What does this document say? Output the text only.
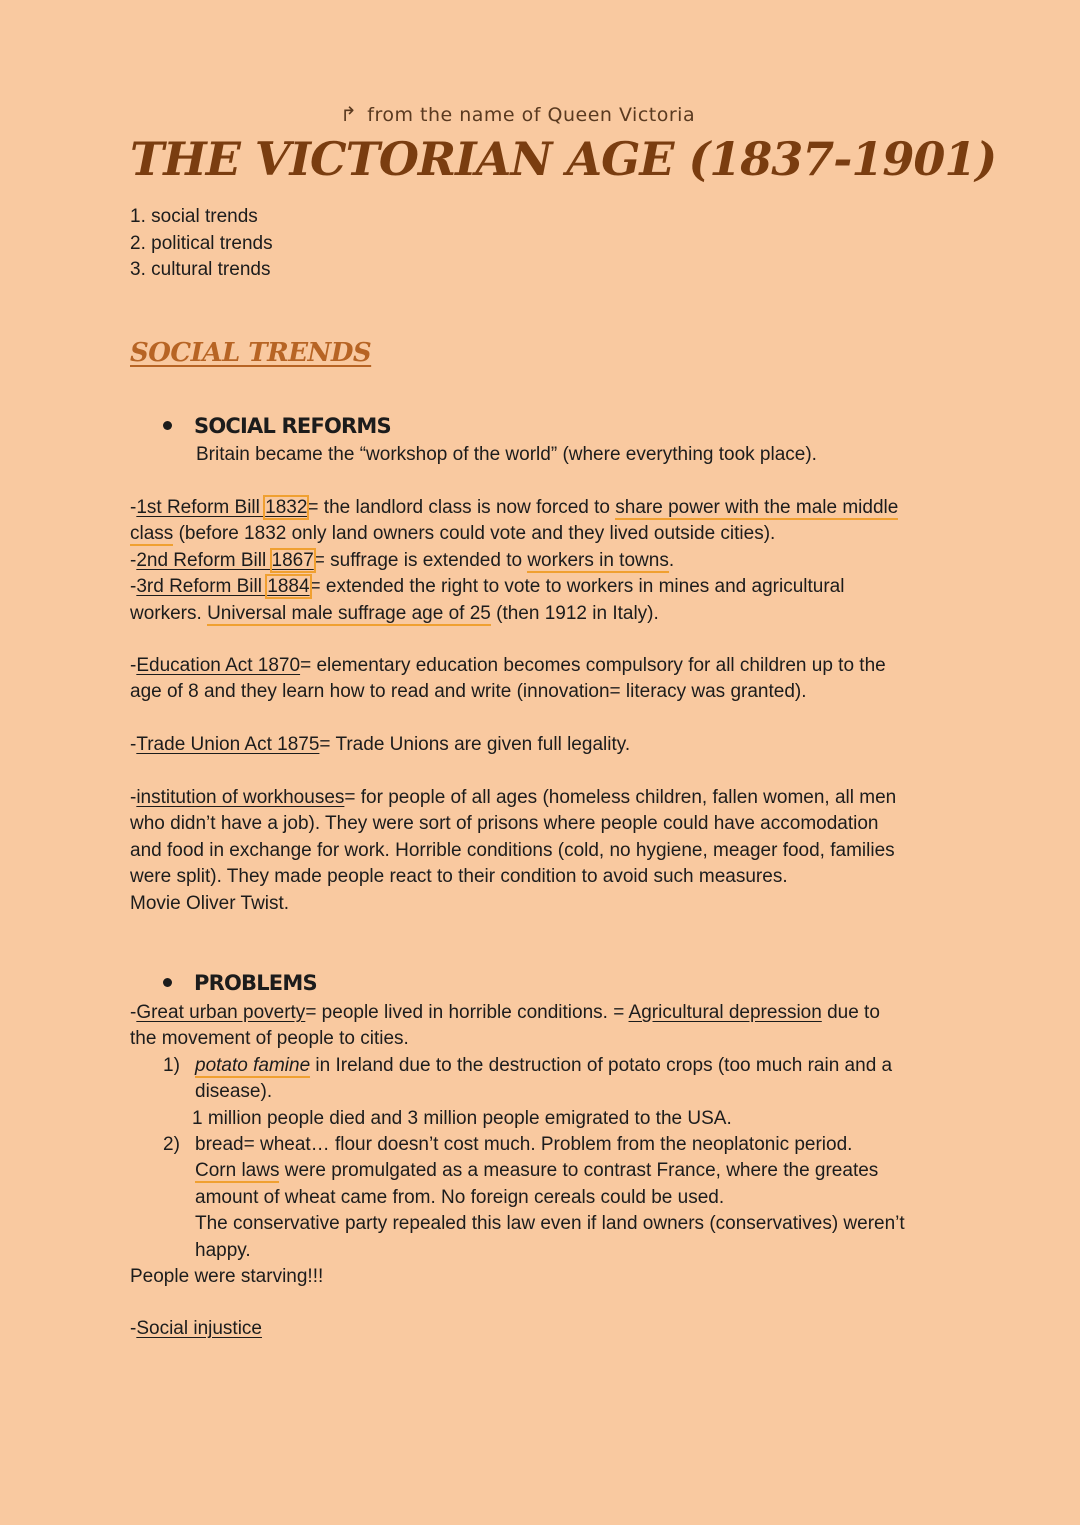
↱ from the name of Queen Victoria
THE VICTORIAN AGE (1837-1901)
1. social trends
2. political trends
3. cultural trends
SOCIAL TRENDS
SOCIAL REFORMS
Britain became the “workshop of the world” (where everything took place).
-1st Reform Bill 1832= the landlord class is now forced to share power with the male middle
class (before 1832 only land owners could vote and they lived outside cities).
-2nd Reform Bill 1867= suffrage is extended to workers in towns.
-3rd Reform Bill 1884= extended the right to vote to workers in mines and agricultural
workers. Universal male suffrage age of 25 (then 1912 in Italy).
-Education Act 1870= elementary education becomes compulsory for all children up to the
age of 8 and they learn how to read and write (innovation= literacy was granted).
-Trade Union Act 1875= Trade Unions are given full legality.
-institution of workhouses= for people of all ages (homeless children, fallen women, all men
who didn’t have a job). They were sort of prisons where people could have accomodation
and food in exchange for work. Horrible conditions (cold, no hygiene, meager food, families
were split). They made people react to their condition to avoid such measures.
Movie Oliver Twist.
PROBLEMS
-Great urban poverty= people lived in horrible conditions. = Agricultural depression due to
the movement of people to cities.
1) potato famine in Ireland due to the destruction of potato crops (too much rain and a
disease).
1 million people died and 3 million people emigrated to the USA.
2) bread= wheat… flour doesn’t cost much. Problem from the neoplatonic period.
Corn laws were promulgated as a measure to contrast France, where the greates
amount of wheat came from. No foreign cereals could be used.
The conservative party repealed this law even if land owners (conservatives) weren’t
happy.
People were starving!!!
-Social injustice
